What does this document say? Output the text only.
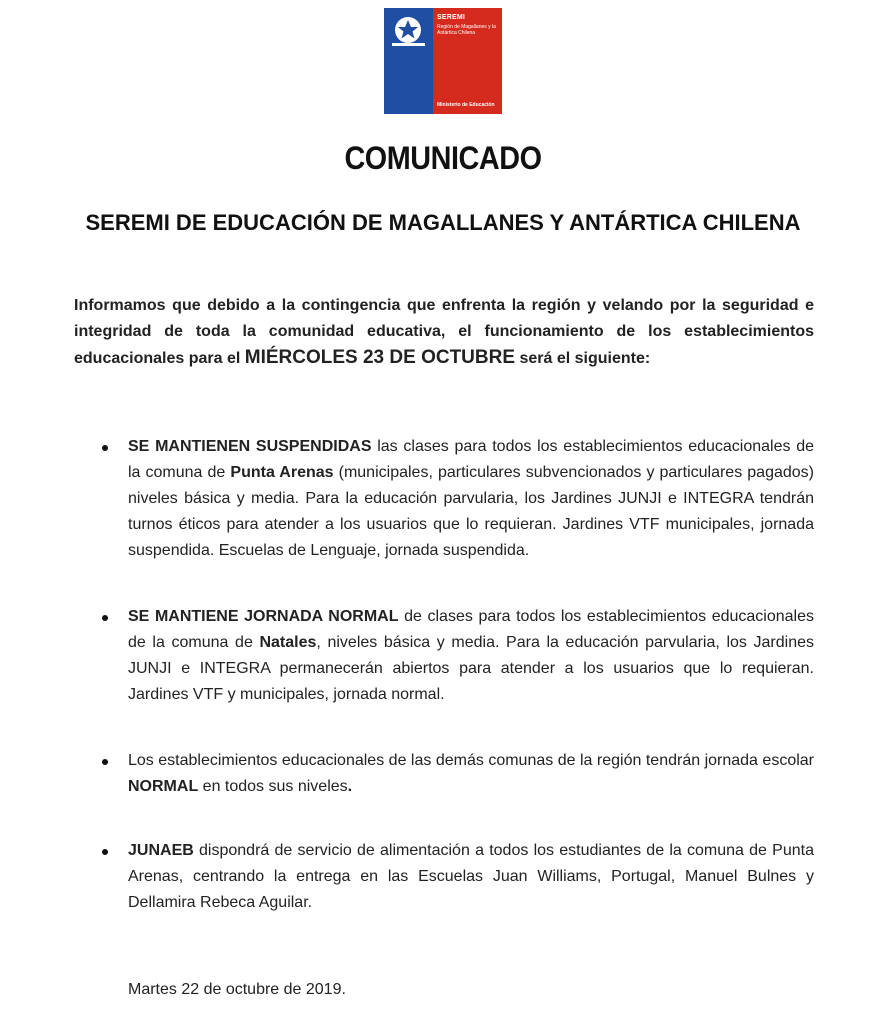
SEREMI
Región de Magallanes y la Antártica Chilena
Ministerio de Educación
COMUNICADO
SEREMI DE EDUCACIÓN DE MAGALLANES Y ANTÁRTICA CHILENA
Informamos que debido a la contingencia que enfrenta la región y velando por la seguridad e integridad de toda la comunidad educativa, el funcionamiento de los establecimientos educacionales para el MIÉRCOLES 23 DE OCTUBRE será el siguiente:
SE MANTIENEN SUSPENDIDAS las clases para todos los establecimientos educacionales de la comuna de Punta Arenas (municipales, particulares subvencionados y particulares pagados) niveles básica y media. Para la educación parvularia, los Jardines JUNJI e INTEGRA tendrán turnos éticos para atender a los usuarios que lo requieran. Jardines VTF municipales, jornada suspendida. Escuelas de Lenguaje, jornada suspendida.
SE MANTIENE JORNADA NORMAL de clases para todos los establecimientos educacionales de la comuna de Natales, niveles básica y media. Para la educación parvularia, los Jardines JUNJI e INTEGRA permanecerán abiertos para atender a los usuarios que lo requieran. Jardines VTF y municipales, jornada normal.
Los establecimientos educacionales de las demás comunas de la región tendrán jornada escolar NORMAL en todos sus niveles.
JUNAEB dispondrá de servicio de alimentación a todos los estudiantes de la comuna de Punta Arenas, centrando la entrega en las Escuelas Juan Williams, Portugal, Manuel Bulnes y Dellamira Rebeca Aguilar.
Martes 22 de octubre de 2019.
